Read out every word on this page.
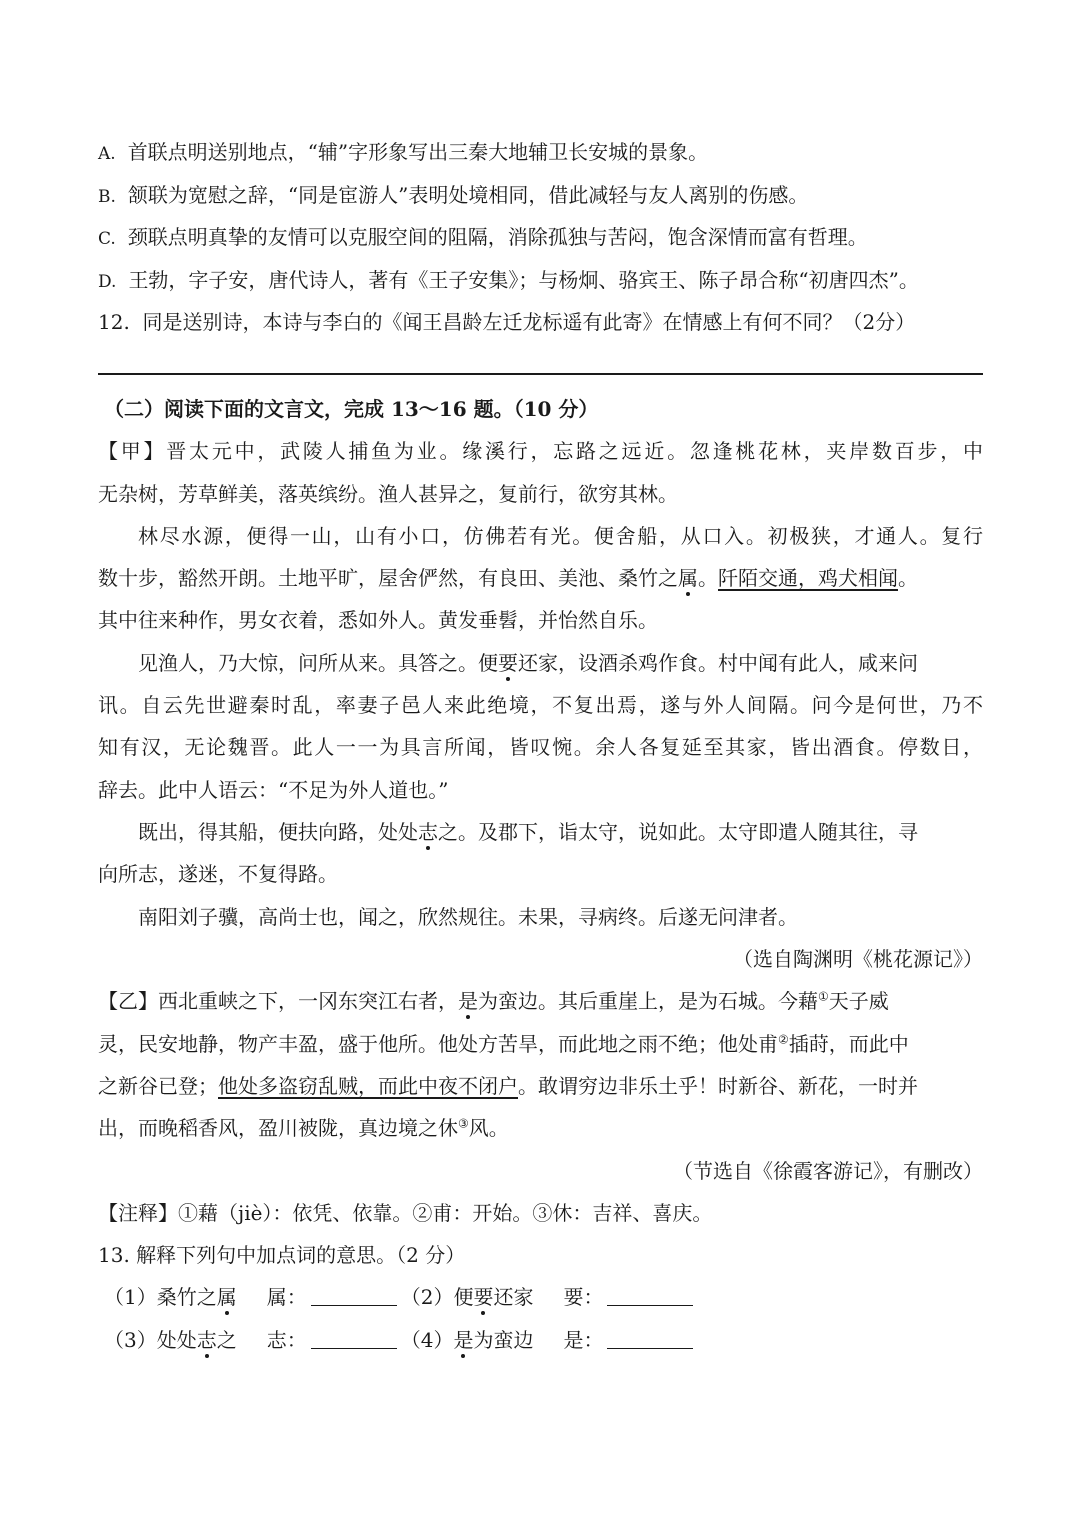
A. 首联点明送别地点，“辅”字形象写出三秦大地辅卫长安城的景象。
B. 颔联为宽慰之辞，“同是宦游人”表明处境相同，借此减轻与友人离别的伤感。
C. 颈联点明真挚的友情可以克服空间的阻隔，消除孤独与苦闷，饱含深情而富有哲理。
D. 王勃，字子安，唐代诗人，著有《王子安集》；与杨炯、骆宾王、陈子昂合称“初唐四杰”。
12. 同是送别诗，本诗与李白的《闻王昌龄左迁龙标遥有此寄》在情感上有何不同？（2分）
（二）阅读下面的文言文，完成 13～16 题。（10 分）
【甲】晋太元中，武陵人捕鱼为业。缘溪行，忘路之远近。忽逢桃花林，夹岸数百步，中
无杂树，芳草鲜美，落英缤纷。渔人甚异之，复前行，欲穷其林。
林尽水源，便得一山，山有小口，仿佛若有光。便舍船，从口入。初极狭，才通人。复行
数十步，豁然开朗。土地平旷，屋舍俨然，有良田、美池、桑竹之属。阡陌交通，鸡犬相闻。
其中往来种作，男女衣着，悉如外人。黄发垂髫，并怡然自乐。
见渔人，乃大惊，问所从来。具答之。便要还家，设酒杀鸡作食。村中闻有此人，咸来问
讯。自云先世避秦时乱，率妻子邑人来此绝境，不复出焉，遂与外人间隔。问今是何世，乃不
知有汉，无论魏晋。此人一一为具言所闻，皆叹惋。余人各复延至其家，皆出酒食。停数日，
辞去。此中人语云：“不足为外人道也。”
既出，得其船，便扶向路，处处志之。及郡下，诣太守，说如此。太守即遣人随其往，寻
向所志，遂迷，不复得路。
南阳刘子骥，高尚士也，闻之，欣然规往。未果，寻病终。后遂无问津者。
（选自陶渊明《桃花源记》）
【乙】西北重峡之下，一冈东突江右者，是为蛮边。其后重崖上，是为石城。今藉①天子威
灵，民安地静，物产丰盈，盛于他所。他处方苦旱，而此地之雨不绝；他处甫②插莳，而此中
之新谷已登；他处多盗窃乱贼，而此中夜不闭户。敢谓穷边非乐土乎！时新谷、新花，一时并
出，而晚稻香风，盈川被陇，真边境之休③风。
（节选自《徐霞客游记》，有删改）
【注释】①藉（jiè）：依凭、依靠。②甫：开始。③休：吉祥、喜庆。
13. 解释下列句中加点词的意思。（2 分）
（1）桑竹之属 属：	（2）便要还家 要：
（3）处处志之 志：	（4）是为蛮边 是：
